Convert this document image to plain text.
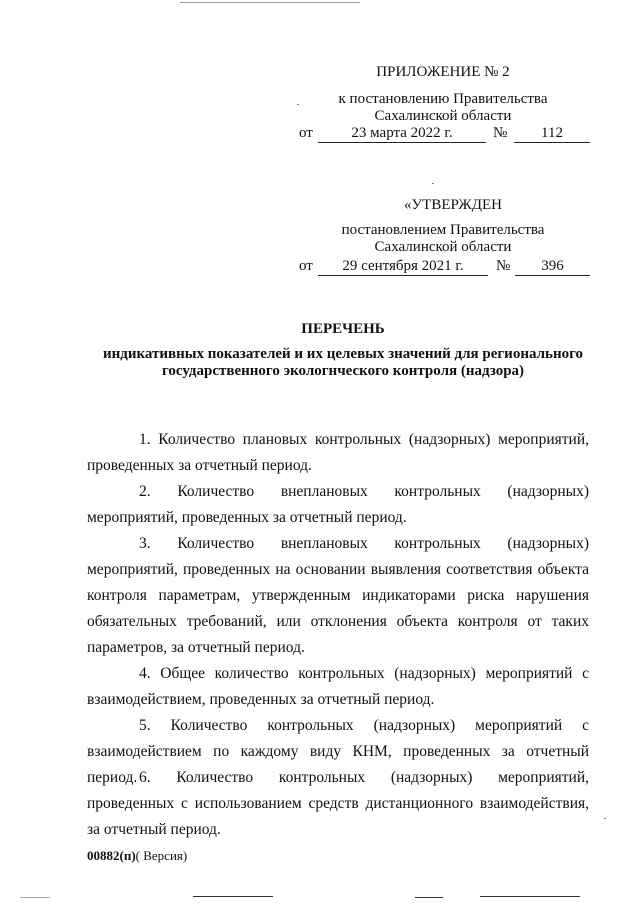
ПРИЛОЖЕНИЕ № 2
к постановлению Правительства
Сахалинской области
от	23 марта 2022 г.	№	112
«УТВЕРЖДЕН
постановлением Правительства
Сахалинской области
от	29 сентября 2021 г.	№	396
ПЕРЕЧЕНЬ
индикативных показателей и их целевых значений для регионального
государственного экологнческого контроля (надзора)
1. Количество плановых контрольных (надзорных) мероприятий, проведенных за отчетный период.
2. Количество внеплановых контрольных (надзорных) мероприятий, проведенных за отчетный период.
3. Количество внеплановых контрольных (надзорных) мероприятий, проведенных на основании выявления соответствия объекта контроля параметрам, утвержденным индикаторами риска нарушения обязательных требований, или отклонения объекта контроля от таких параметров, за отчетный период.
4. Общее количество контрольных (надзорных) мероприятий с взаимодействием, проведенных за отчетный период.
5. Количество контрольных (надзорных) мероприятий с взаимодействием по каждому виду КНМ, проведенных за отчетный период. 6. Количество контрольных (надзорных) мероприятий, проведенных с использованием средств дистанционного взаимодействия, за отчетный период.
00882(п)( Версия)
